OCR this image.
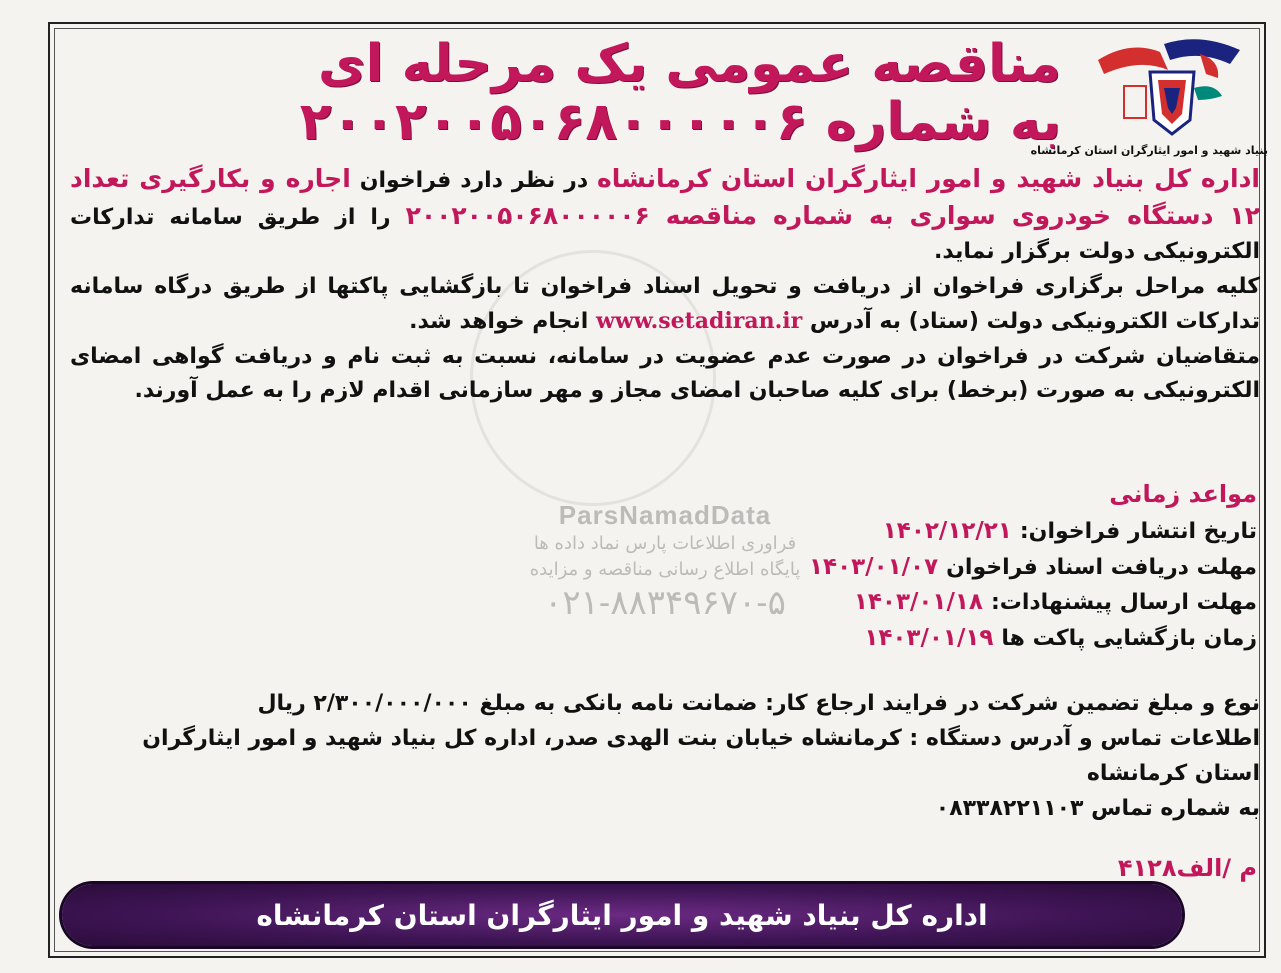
مناقصه عمومی یک مرحله ای
به شماره ۲۰۰۲۰۰۵۰۶۸۰۰۰۰۰۶
بنیاد شهید و امور ایثارگران استان کرمانشاه

اداره کل بنیاد شهید و امور ایثارگران استان کرمانشاه در نظر دارد فراخوان اجاره و بکارگیری تعداد ۱۲ دستگاه خودروی سواری به شماره مناقصه ۲۰۰۲۰۰۵۰۶۸۰۰۰۰۰۶ را از طریق سامانه تدارکات الکترونیکی دولت برگزار نماید.

کلیه مراحل برگزاری فراخوان از دریافت و تحویل اسناد فراخوان تا بازگشایی پاکتها از طریق درگاه سامانه تدارکات الکترونیکی دولت (ستاد) به آدرس www.setadiran.ir انجام خواهد شد.

متقاضیان شرکت در فراخوان در صورت عدم عضویت در سامانه، نسبت به ثبت نام و دریافت گواهی امضای الکترونیکی به صورت (برخط) برای کلیه صاحبان امضای مجاز و مهر سازمانی اقدام لازم را به عمل آورند.

ParsNamadData
فراوری اطلاعات پارس نماد داده ها
پایگاه اطلاع رسانی مناقصه و مزایده
۰۲۱-۸۸۳۴۹۶۷۰-۵
مواعد زمانی
تاریخ انتشار فراخوان:۱۴۰۲/۱۲/۲۱
مهلت دریافت اسناد فراخوان۱۴۰۳/۰۱/۰۷
مهلت ارسال پیشنهادات:۱۴۰۳/۰۱/۱۸
زمان بازگشایی پاکت ها۱۴۰۳/۰۱/۱۹

نوع و مبلغ تضمین شرکت در فرایند ارجاع کار: ضمانت نامه بانکی به مبلغ ۲/۳۰۰/۰۰۰/۰۰۰ ریال

اطلاعات تماس و آدرس دستگاه : کرمانشاه خیابان بنت الهدی صدر، اداره کل بنیاد شهید و امور ایثارگران استان کرمانشاه

به شماره تماس ۰۸۳۳۸۲۲۱۱۰۳

م /الف۴۱۲۸
اداره کل بنیاد شهید و امور ایثارگران استان کرمانشاه
